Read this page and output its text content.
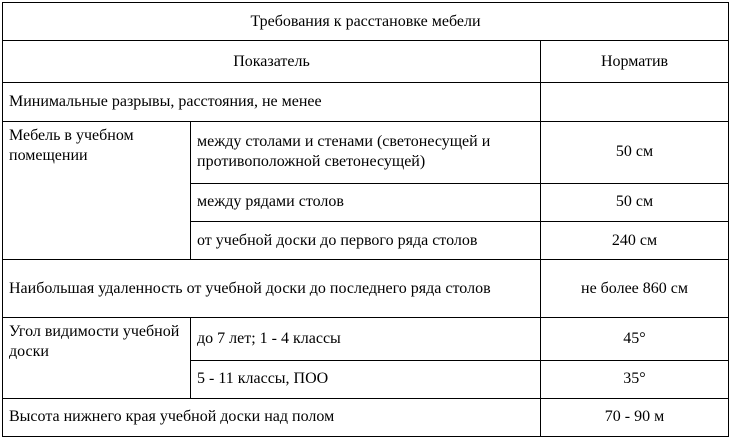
Требования к расстановке мебели		
Показатель		Норматив
Минимальные разрывы, расстояния, не менее		
Мебель в учебном помещении	между столами и стенами (светонесущей и противоположной светонесущей)	50 см
	между рядами столов	50 см
	от учебной доски до первого ряда столов	240 см
Наибольшая удаленность от учебной доски до последнего ряда столов		не более 860 см
Угол видимости учебной доски	до 7 лет; 1 - 4 классы	45°
	5 - 11 классы, ПОО	35°
Высота нижнего края учебной доски над полом		70 - 90 м
